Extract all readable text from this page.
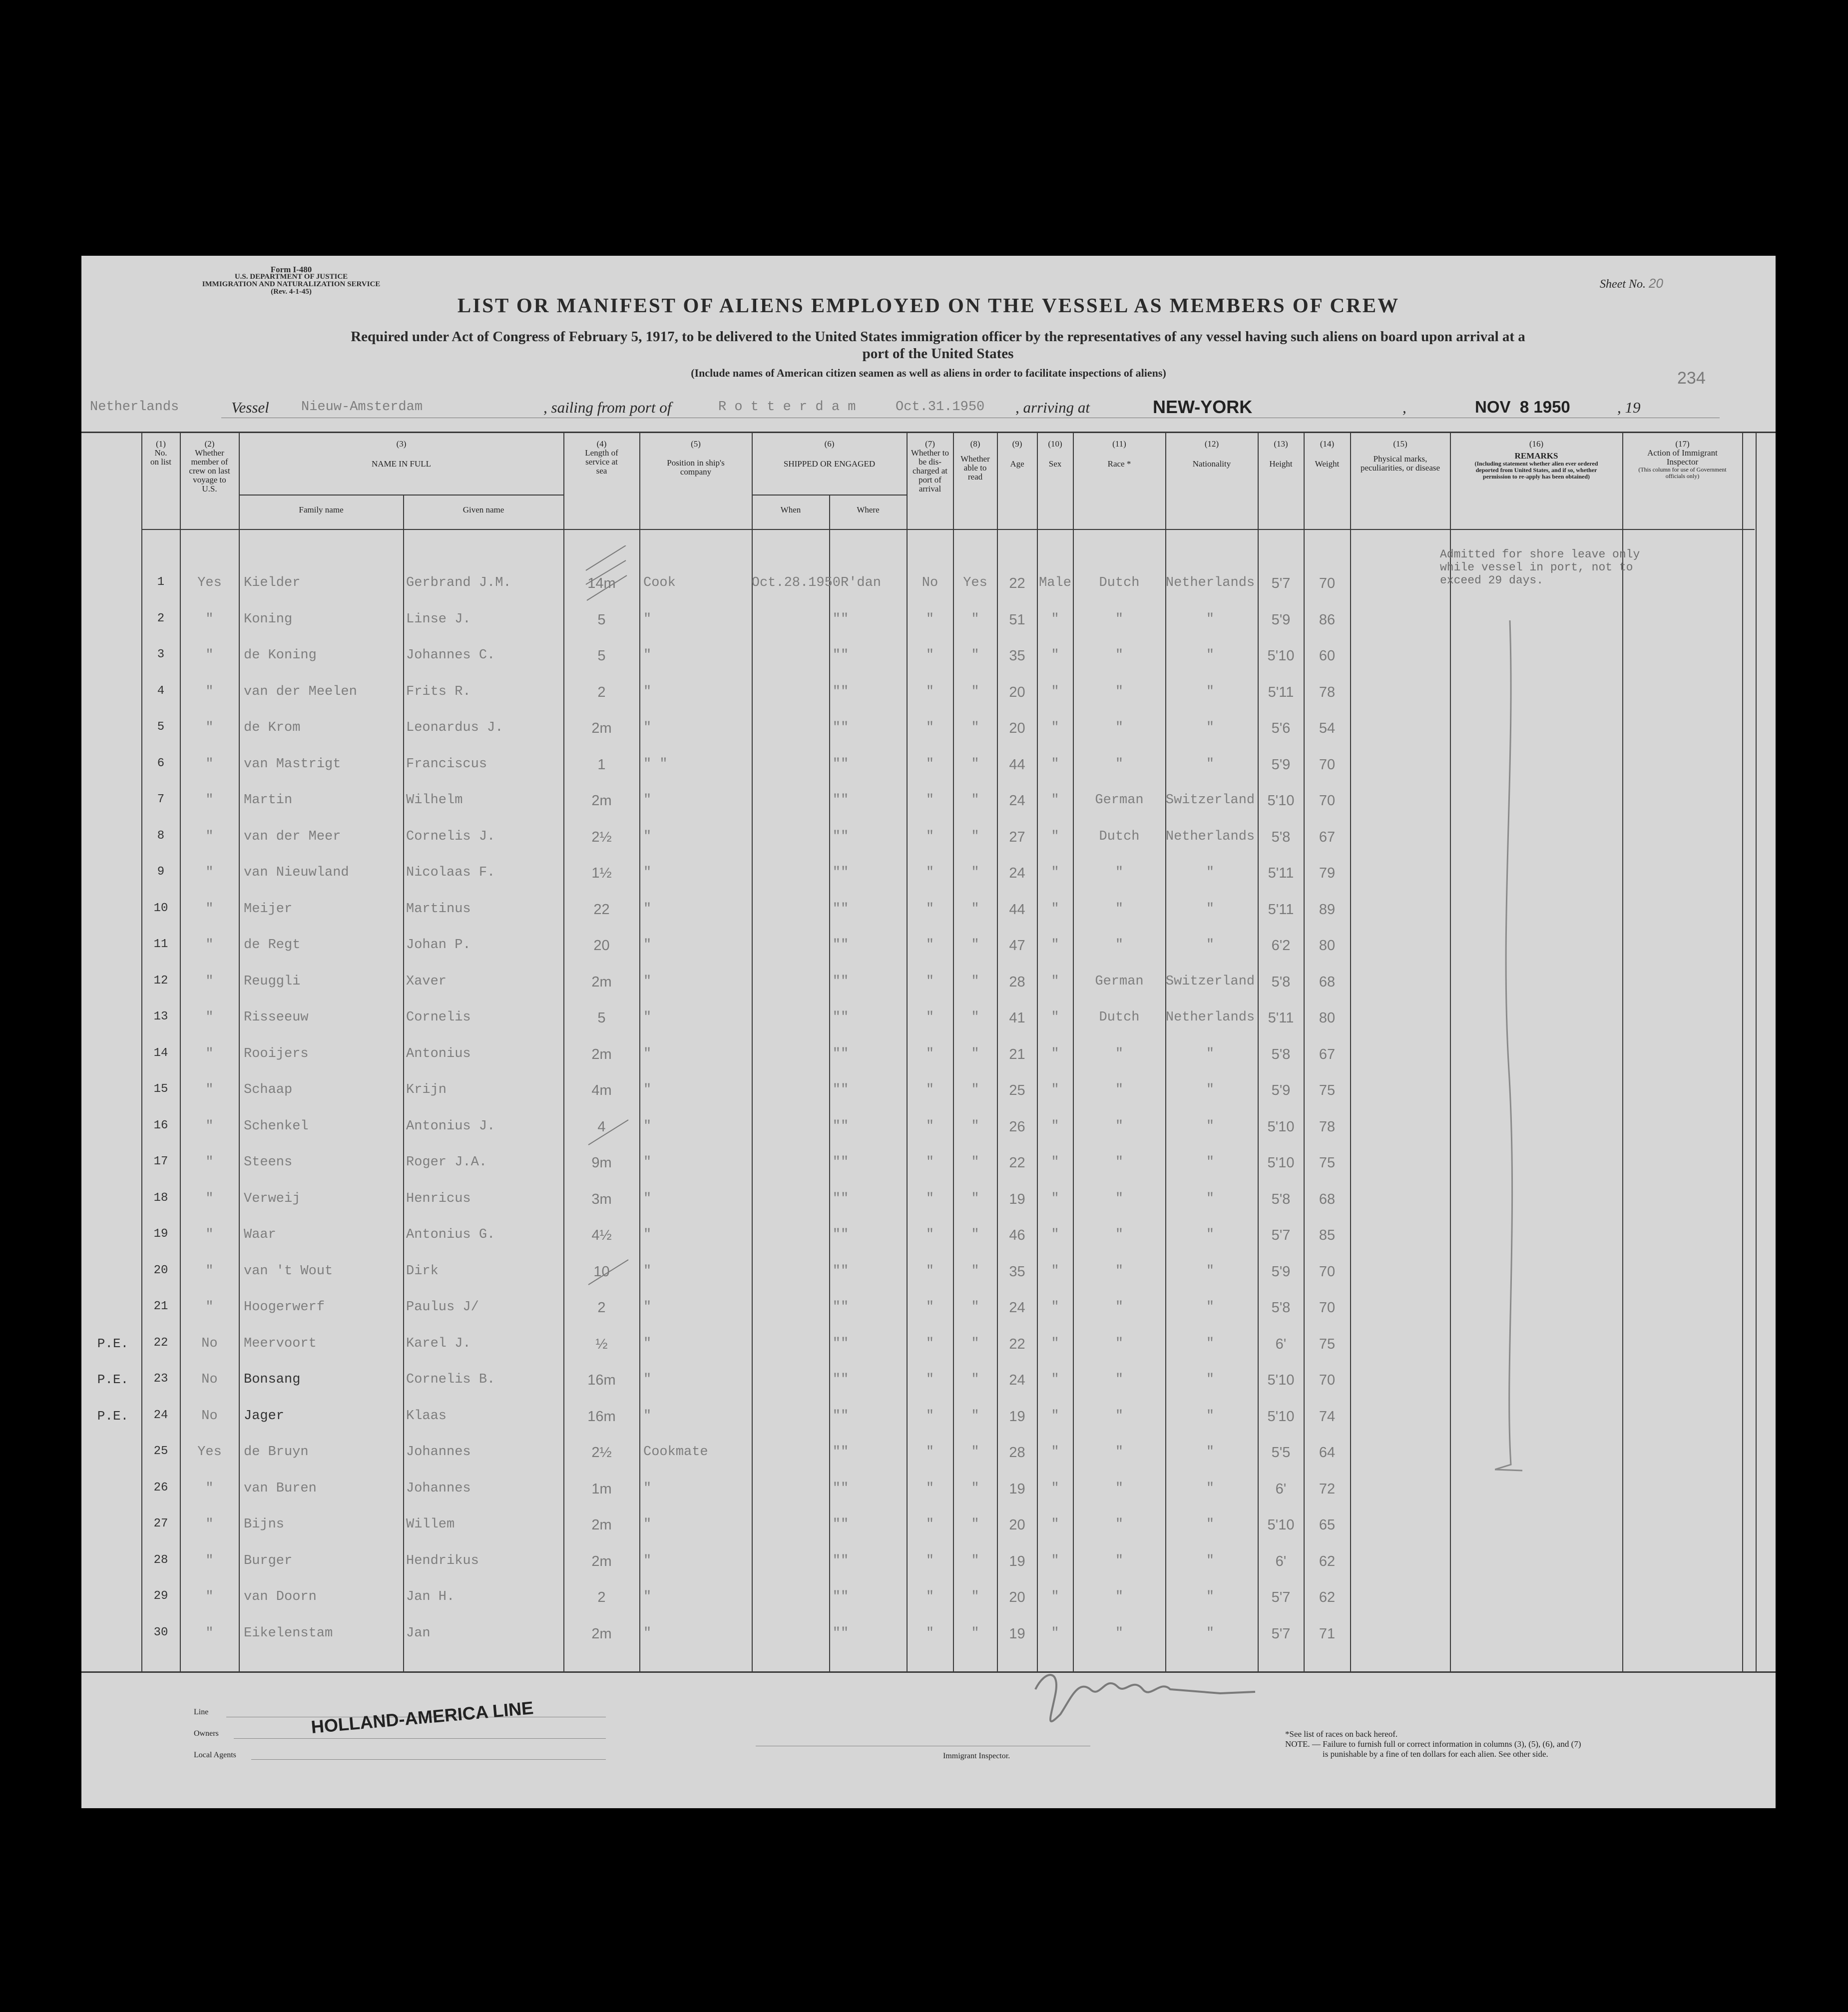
Form I-480
U.S. DEPARTMENT OF JUSTICE
IMMIGRATION AND NATURALIZATION SERVICE
(Rev. 4-1-45)
Sheet No. 20
LIST OR MANIFEST OF ALIENS EMPLOYED ON THE VESSEL AS MEMBERS OF CREW
Required under Act of Congress of February 5, 1917, to be delivered to the United States immigration officer by the representatives of any vessel having such aliens on board upon arrival at a
port of the United States
(Include names of American citizen seamen as well as aliens in order to facilitate inspections of aliens)	234
Netherlands	Vessel Nieuw-Amsterdam	, sailing from port of	R o t t e r d a m	Oct.31.1950 , arriving at	NEW-YORK	,	NOV  8 1950	, 19
(1)
No. on list
(2)
Whether member of crew on last voyage to U.S.
(3)
NAME IN FULL
Family name	Given name
(4)
Length of service at sea
(5)
Position in ship's company
(6)
SHIPPED OR ENGAGED
When	Where
(7)
Whether to be dis- charged at port of arrival
(8)
Whether able to read
(9)
Age
(10)
Sex
(11)
Race *
(12)
Nationality
(13)
Height
(14)
Weight
(15)
Physical marks, peculiarities, or disease
(16)
REMARKS
(Including statement whether alien ever ordered deported from United States, and if so, whether permission to re-apply has been obtained)
(17)
Action of Immigrant Inspector
(This column for use of Government officials only)
1	Yes	Kielder	Gerbrand J.M.	14m	Cook	Oct.28.1950 R'dan	No	Yes	22	Male	Dutch	Netherlands	5'7	70
2	"	Koning	Linse J.	5	"	" "	"	"	51	"	"	"	5'9	86
3	"	de Koning	Johannes C.	5	"	" "	"	"	35	"	"	"	5'10	60
4	"	van der Meelen	Frits R.	2	"	" "	"	"	20	"	"	"	5'11	78
5	"	de Krom	Leonardus J.	2m	"	" "	"	"	20	"	"	"	5'6	54
6	"	van Mastrigt	Franciscus	1	" "	" "	"	"	44	"	"	"	5'9	70
7	"	Martin	Wilhelm	2m	"	" "	"	"	24	"	German	Switzerland 5'10	70
8	"	van der Meer	Cornelis J.	2½	"	" "	"	"	27	"	Dutch	Netherlands	5'8	67
9	"	van Nieuwland	Nicolaas F.	1½	"	" "	"	"	24	"	"	"	5'11	79
10	"	Meijer	Martinus	22	"	" "	"	"	44	"	"	"	5'11	89
11	"	de Regt	Johan P.	20	"	" "	"	"	47	"	"	"	6'2	80
12	"	Reuggli	Xaver	2m	"	" "	"	"	28	"	German	Switzerland	5'8	68
13	"	Risseeuw	Cornelis	5	"	" "	"	"	41	"	Dutch	Netherlands 5'11	80
14	"	Rooijers	Antonius	2m	"	" "	"	"	21	"	"	"	5'8	67
15	"	Schaap	Krijn	4m	"	" "	"	"	25	"	"	"	5'9	75
16	"	Schenkel	Antonius J.	4	"	" "	"	"	26	"	"	"	5'10	78
17	"	Steens	Roger J.A.	9m	"	" "	"	"	22	"	"	"	5'10	75
18	"	Verweij	Henricus	3m	"	" "	"	"	19	"	"	"	5'8	68
19	"	Waar	Antonius G.	4½	"	" "	"	"	46	"	"	"	5'7	85
20	"	van 't Wout	Dirk	10	"	" "	"	"	35	"	"	"	5'9	70
21	"	Hoogerwerf	Paulus J/	2	"	" "	"	"	24	"	"	"	5'8	70
P.E.	22	No	Meervoort	Karel J.	½	"	" "	"	"	22	"	"	"	6'	75
P.E.	23	No	Bonsang	Cornelis B.	16m	"	" "	"	"	24	"	"	"	5'10	70
P.E.	24	No	Jager	Klaas	16m	"	" "	"	"	19	"	"	"	5'10	74
25	Yes	de Bruyn	Johannes	2½	Cookmate	" "	"	"	28	"	"	"	5'5	64
26	"	van Buren	Johannes	1m	"	" "	"	"	19	"	"	"	6'	72
27	"	Bijns	Willem	2m	"	" "	"	"	20	"	"	"	5'10	65
28	"	Burger	Hendrikus	2m	"	" "	"	"	19	"	"	"	6'	62
29	"	van Doorn	Jan H.	2	"	" "	"	"	20	"	"	"	5'7	62
30	"	Eikelenstam	Jan	2m	"	" "	"	"	19	"	"	"	5'7	71
Admitted for shore leave only while vessel in port, not to exceed 29 days.
Line
Owners
Local Agents
HOLLAND-AMERICA LINE
Immigrant Inspector.
*See list of races on back hereof.
NOTE. — Failure to furnish full or correct information in columns (3), (5), (6), and (7)
is punishable by a fine of ten dollars for each alien. See other side.
